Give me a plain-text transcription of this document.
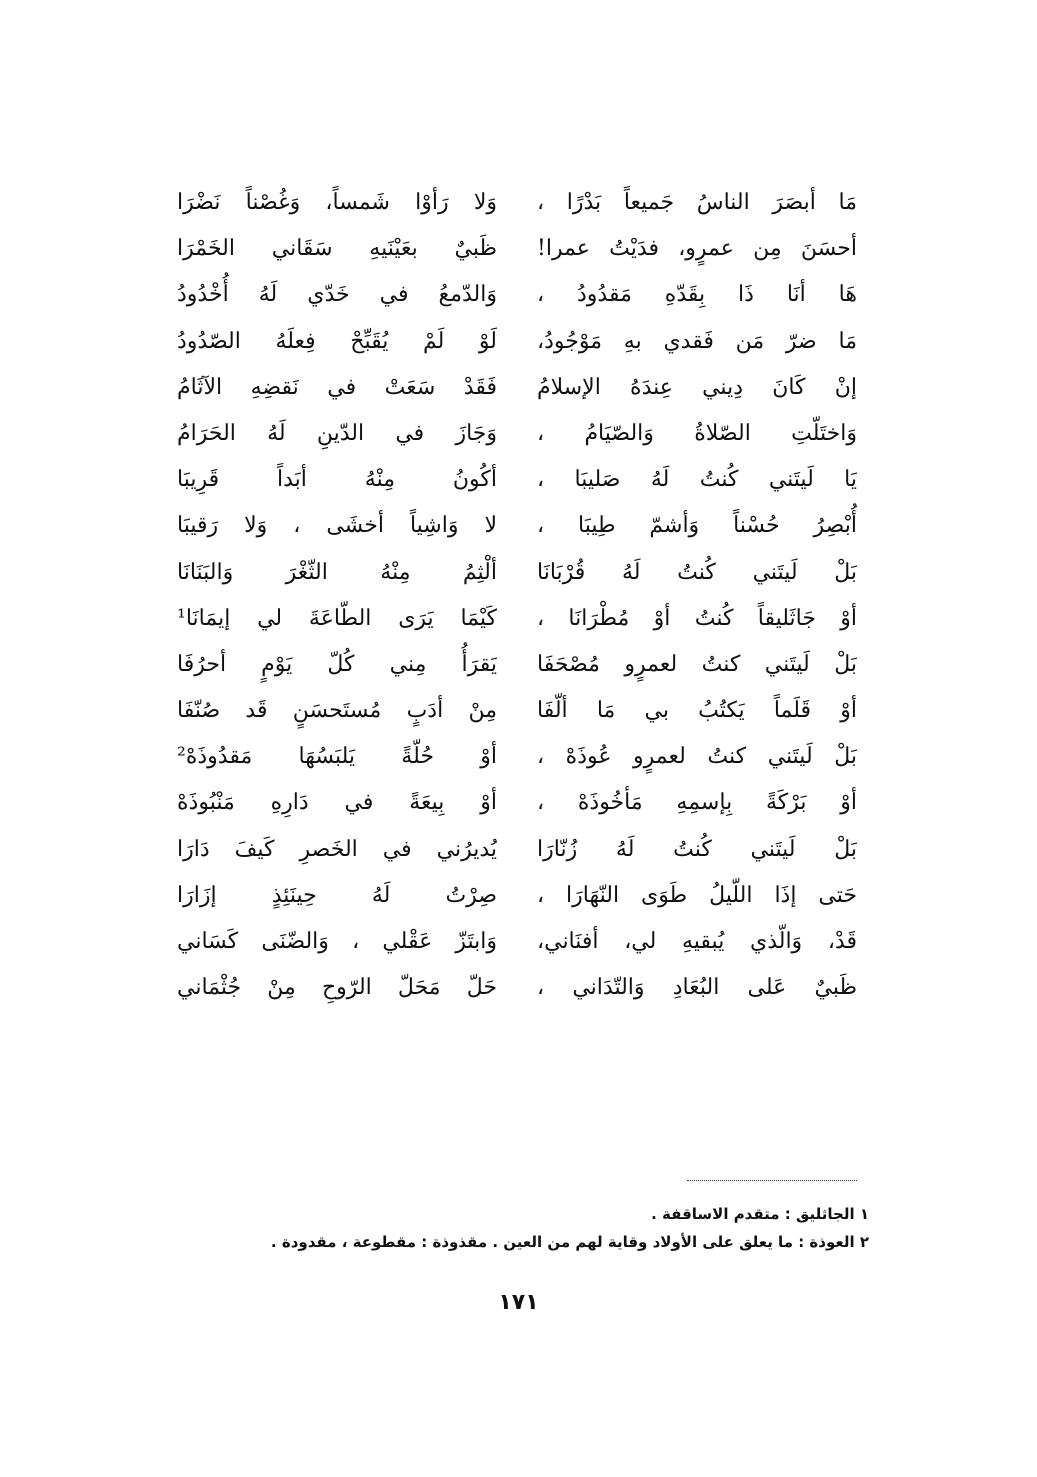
مَا أبصَرَ الناسُ جَميعاً بَدْرًا ،
وَلا رَأوْا شَمساً، وَغُصْناً نَضْرَا
أحسَنَ مِن عمرٍو، فدَيْتُ عمرا!
ظَبيٌ بعَيْنَيهِ سَقَاني الخَمْرَا
هَا أنَا ذَا بِقَدّهِ مَقدُودُ ،
وَالدّمعُ في خَدّي لَهُ أُخْدُودُ
مَا ضرّ مَن فَقدي بهِ مَوْجُودُ،
لَوْ لَمْ يُقَبِّحْ فِعلَهُ الصّدُودُ
إنْ كَانَ دِيني عِندَهُ الإسلامُ
فَقَدْ سَعَتْ في نَقضِهِ الآثَامُ
وَاختَلّتِ الصّلاةُ وَالصّيَامُ ،
وَجَازَ في الدّينِ لَهُ الحَرَامُ
يَا لَيتَني كُنتُ لَهُ صَليبَا ،
أكُونُ مِنْهُ أبَداً قَرِيبَا
أُبْصِرُ حُسْناً وَأشمّ طِيبَا ،
لا وَاشِياً أخشَى ، وَلا رَقيبَا
بَلْ لَيتَني كُنتُ لَهُ قُرْبَانَا
ألْثِمُ مِنْهُ الثّغْرَ وَالبَنَانَا
أوْ جَاثَليقاً كُنتُ أوْ مُطْرَانَا ،
كَيْمَا يَرَى الطّاعَةَ لي إيمَانَا¹
بَلْ لَيتَني كنتُ لعمرٍو مُصْحَفَا
يَقرَأُ مِني كُلّ يَوْمٍ أحرُفَا
أوْ قَلَماً يَكتُبُ بي مَا ألّفَا
مِنْ أدَبٍ مُستَحسَنٍ قَد صُنّفَا
بَلْ لَيتَني كنتُ لعمرٍو عُوذَهْ ،
أوْ حُلّةً يَلبَسُهَا مَقدُوذَهْ²
أوْ بَرْكَةً بِإسمِهِ مَأخُوذَهْ ،
أوْ بِيعَةً في دَارِهِ مَنْبُوذَهْ
بَلْ لَيتَني كُنتُ لَهُ زُنّارَا
يُديرُني في الخَصرِ كَيفَ دَارَا
حَتى إذَا اللّيلُ طَوَى النّهَارَا ،
صِرْتُ لَهُ حِينَئِذٍ إزَارَا
قَدْ، وَالّذي يُبقيهِ لي، أفنَاني،
وَابتَزّ عَقْلي ، وَالضّنَى كَسَاني
ظَبيٌ عَلى البُعَادِ وَالتّدَاني ،
حَلّ مَحَلّ الرّوحِ مِنْ جُثْمَاني
١ الجاثليق : متقدم الاساقفة .
٢ العوذة : ما يعلق على الأولاد وقاية لهم من العين . مقذوذة : مقطوعة ، مقدودة .
١٧١
